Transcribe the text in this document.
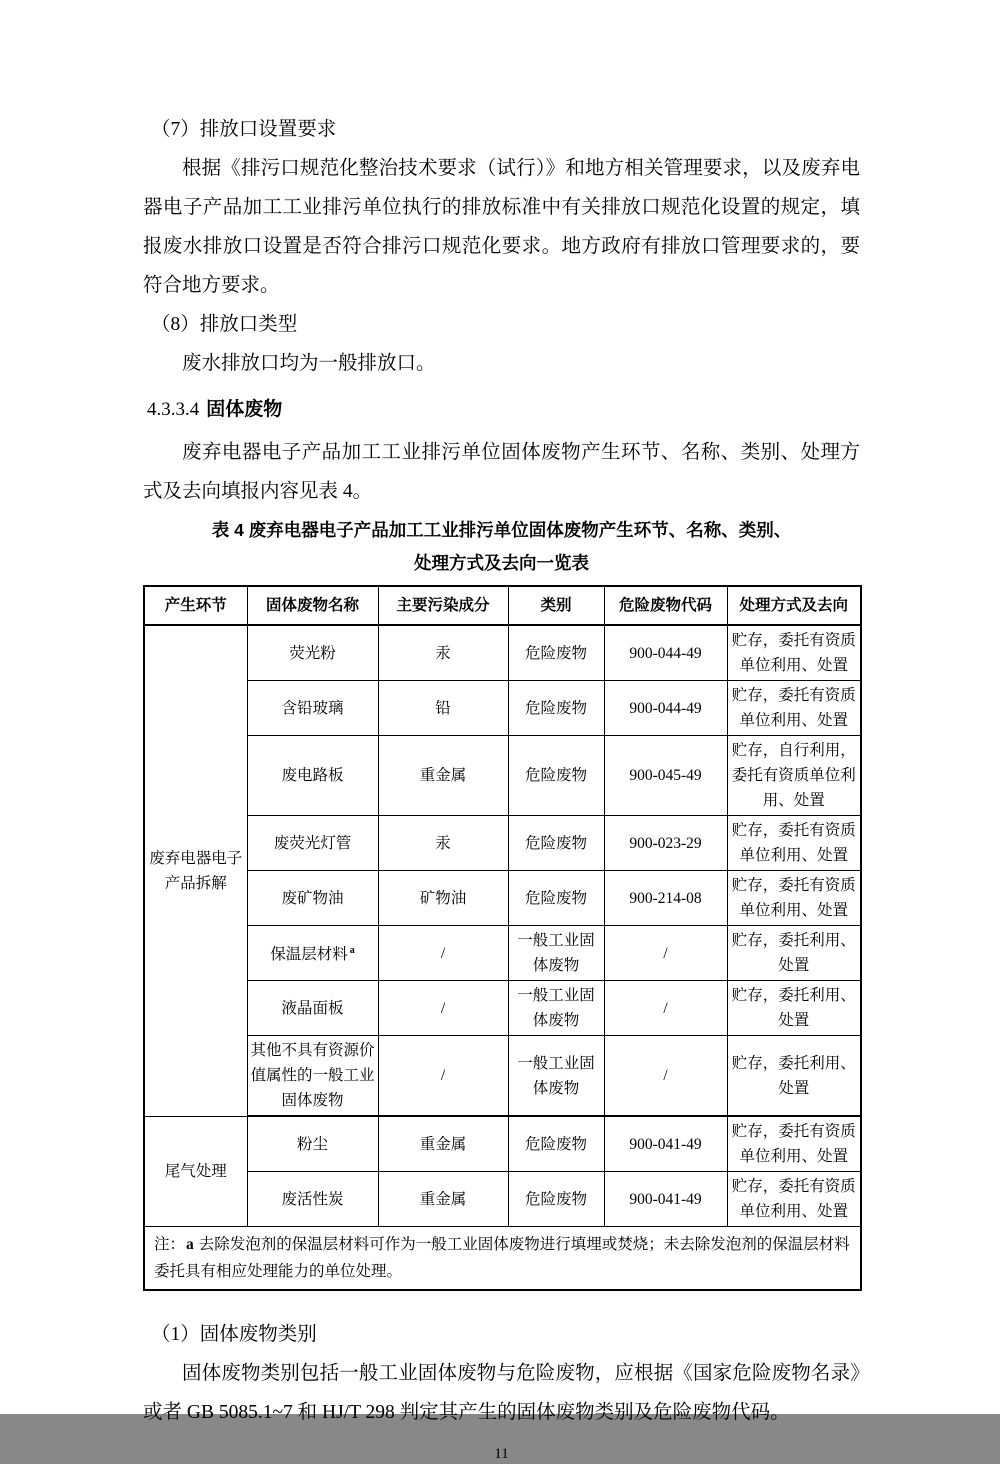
（7）排放口设置要求

根据《排污口规范化整治技术要求（试行）》和地方相关管理要求，以及废弃电器电子产品加工工业排污单位执行的排放标准中有关排放口规范化设置的规定，填报废水排放口设置是否符合排污口规范化要求。地方政府有排放口管理要求的，要符合地方要求。

（8）排放口类型

废水排放口均为一般排放口。

4.3.3.4 固体废物

废弃电器电子产品加工工业排污单位固体废物产生环节、名称、类别、处理方式及去向填报内容见表 4。

表 4 废弃电器电子产品加工工业排污单位固体废物产生环节、名称、类别、
处理方式及去向一览表

产生环节	固体废物名称	主要污染成分	类别	危险废物代码	处理方式及去向
废弃电器电子产品拆解	荧光粉	汞	危险废物	900-044-49	贮存，委托有资质单位利用、处置
	含铅玻璃	铅	危险废物	900-044-49	贮存，委托有资质单位利用、处置
	废电路板	重金属	危险废物	900-045-49	贮存，自行利用，委托有资质单位利用、处置
	废荧光灯管	汞	危险废物	900-023-29	贮存，委托有资质单位利用、处置
	废矿物油	矿物油	危险废物	900-214-08	贮存，委托有资质单位利用、处置
	保温层材料 $^a$	/	一般工业固体废物	/	贮存，委托利用、处置
	液晶面板	/	一般工业固体废物	/	贮存，委托利用、处置
	其他不具有资源价值属性的一般工业固体废物	/	一般工业固体废物	/	贮存，委托利用、处置
尾气处理	粉尘	重金属	危险废物	900-041-49	贮存，委托有资质单位利用、处置
	废活性炭	重金属	危险废物	900-041-49	贮存，委托有资质单位利用、处置
注：a 去除发泡剂的保温层材料可作为一般工业固体废物进行填埋或焚烧；未去除发泡剂的保温层材料委托具有相应处理能力的单位处理。					

（1）固体废物类别

固体废物类别包括一般工业固体废物与危险废物，应根据《国家危险废物名录》或者 GB 5085.1~7 和 HJ/T 298 判定其产生的固体废物类别及危险废物代码。

11
